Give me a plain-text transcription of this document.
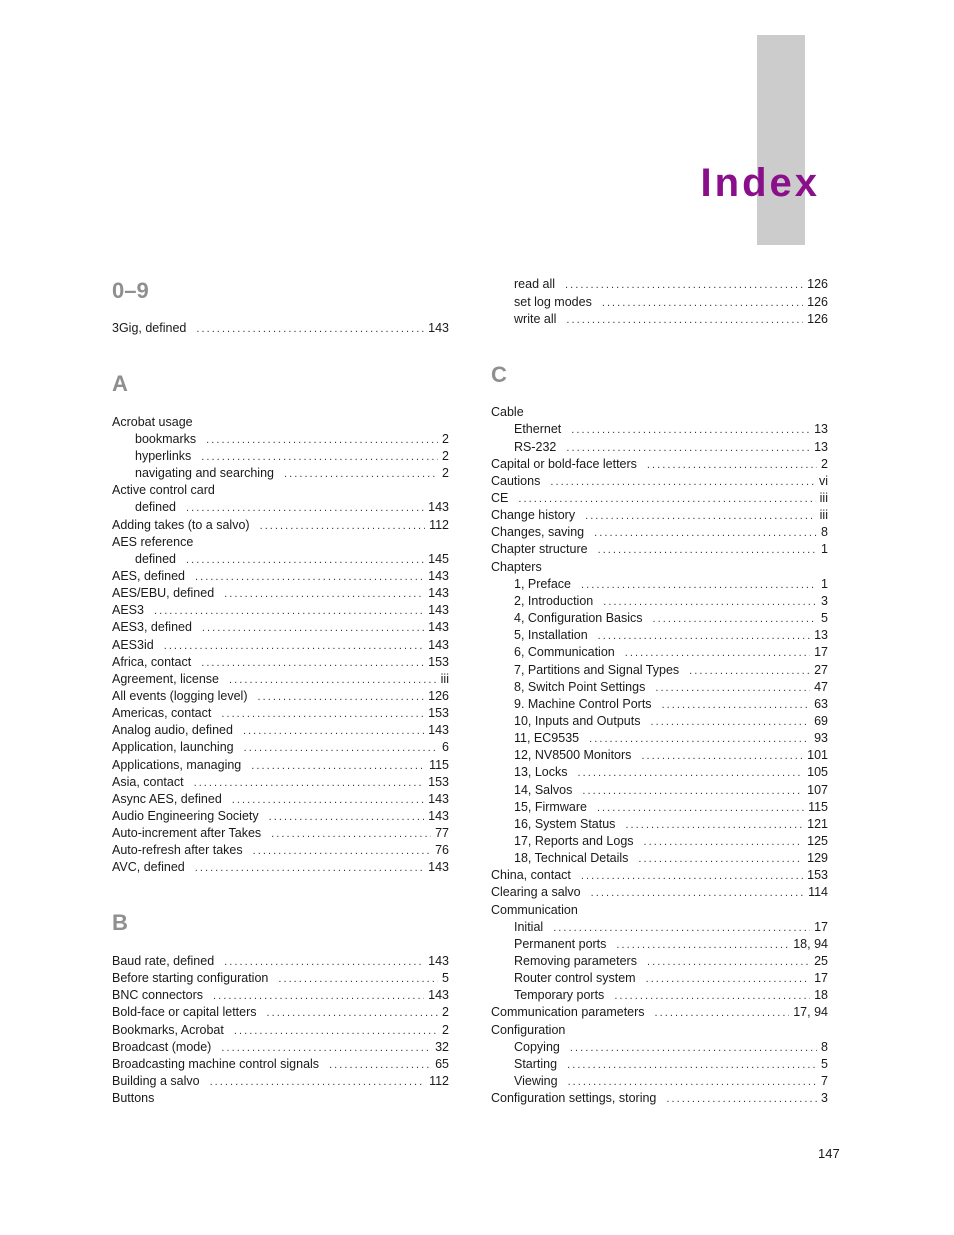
Index
0–9
3Gig, defined . . .	143
A
Acrobat usage
bookmarks . . .	2
hyperlinks . . .	2
navigating and searching . . .	2
Active control card
defined . . .	143
Adding takes (to a salvo) . . .	112
AES reference
defined . . .	145
AES, defined . . .	143
AES/EBU, defined . . .	143
AES3 . . .	143
AES3, defined . . .	143
AES3id . . .	143
Africa, contact . . .	153
Agreement, license . . .	iii
All events (logging level) . . .	126
Americas, contact . . .	153
Analog audio, defined . . .	143
Application, launching . . .	6
Applications, managing . . .	115
Asia, contact . . .	153
Async AES, defined . . .	143
Audio Engineering Society . . .	143
Auto-increment after Takes . . .	77
Auto-refresh after takes . . .	76
AVC, defined . . .	143
B
Baud rate, defined . . .	143
Before starting configuration . . .	5
BNC connectors . . .	143
Bold-face or capital letters . . .	2
Bookmarks, Acrobat . . .	2
Broadcast (mode) . . .	32
Broadcasting machine control signals . . .	65
Building a salvo . . .	112
Buttons
read all . . .	126
set log modes . . .	126
write all . . .	126
C
Cable
Ethernet . . .	13
RS-232 . . .	13
Capital or bold-face letters . . .	2
Cautions . . .	vi
CE . . .	iii
Change history . . .	iii
Changes, saving . . .	8
Chapter structure . . .	1
Chapters
1, Preface . . .	1
2, Introduction . . .	3
4, Configuration Basics . . .	5
5, Installation . . .	13
6, Communication . . .	17
7, Partitions and Signal Types . . .	27
8, Switch Point Settings . . .	47
9. Machine Control Ports . . .	63
10, Inputs and Outputs . . .	69
11, EC9535 . . .	93
12, NV8500 Monitors . . .	101
13, Locks . . .	105
14, Salvos . . .	107
15, Firmware . . .	115
16, System Status . . .	121
17, Reports and Logs . . .	125
18, Technical Details . . .	129
China, contact . . .	153
Clearing a salvo . . .	114
Communication
Initial . . .	17
Permanent ports . . .	18, 94
Removing parameters . . .	25
Router control system . . .	17
Temporary ports . . .	18
Communication parameters . . .	17, 94
Configuration
Copying . . .	8
Starting . . .	5
Viewing . . .	7
Configuration settings, storing . . .	3

147
